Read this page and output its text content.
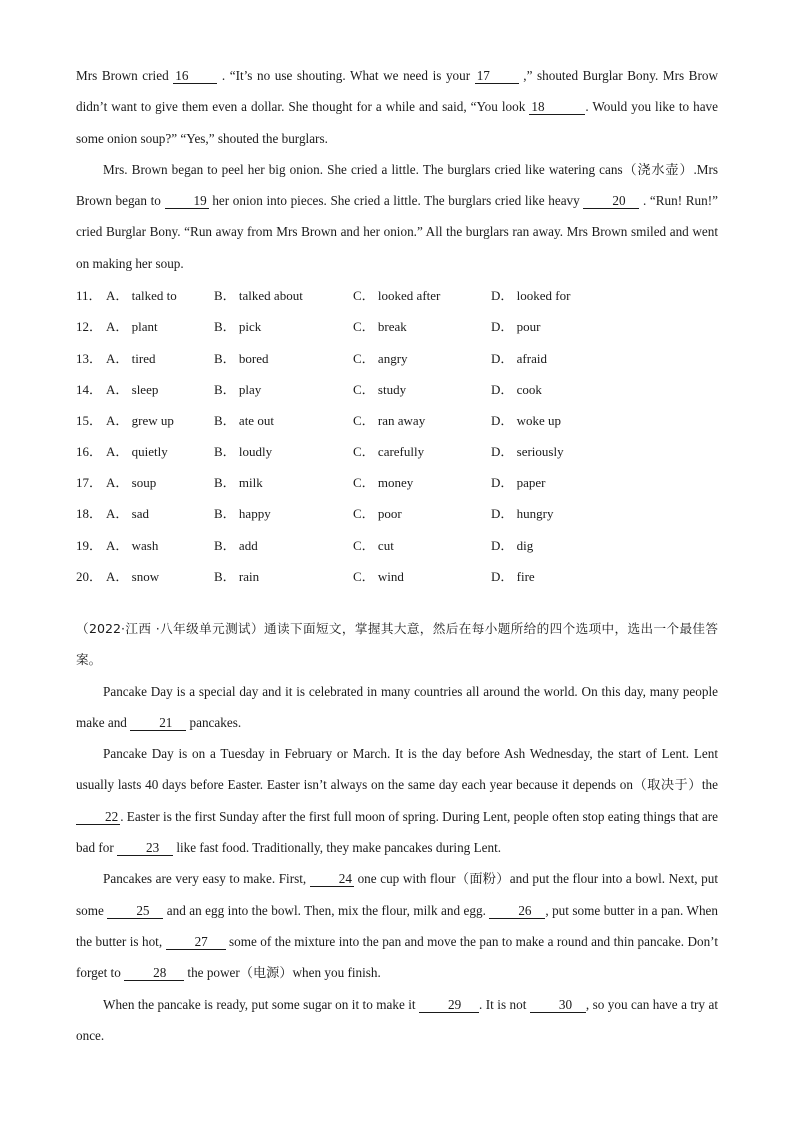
Mrs Brown cried 16 . “It’s no use shouting. What we need is your 17 ,” shouted Burglar Bony. Mrs Brow didn’t want to give them even a dollar. She thought for a while and said, “You look 18	. Would you like to have some onion soup?” “Yes,” shouted the burglars.

Mrs. Brown began to peel her big onion. She cried a little. The burglars cried like watering cans（浇水壶）.Mrs Brown began to 19 her onion into pieces. She cried a little. The burglars cried like heavy 20 . “Run! Run!” cried Burglar Bony. “Run away from Mrs Brown and her onion.” All the burglars ran away. Mrs Brown smiled and went on making her soup.

11． A． talked to	B． talked about	C． looked after	D． looked for
12． A． plant	B． pick	C． break	D． pour
13． A． tired	B． bored	C． angry	D． afraid
14． A． sleep	B． play	C． study	D． cook
15． A． grew up	B． ate out	C． ran away	D． woke up
16． A． quietly	B． loudly	C． carefully	D． seriously
17． A． soup	B． milk	C． money	D． paper
18． A． sad	B． happy	C． poor	D． hungry
19． A． wash	B． add	C． cut	D． dig
20． A． snow	B． rain	C． wind	D． fire

（2022·江西 ·八年级单元测试）通读下面短文，掌握其大意，然后在每小题所给的四个选项中，选出一个最佳答案。

Pancake Day is a special day and it is celebrated in many countries all around the world. On this day, many people make and 21 pancakes.

Pancake Day is on a Tuesday in February or March. It is the day before Ash Wednesday, the start of Lent. Lent usually lasts 40 days before Easter. Easter isn’t always on the same day each year because it depends on（取决于）the 22 . Easter is the first Sunday after the first full moon of spring. During Lent, people often stop eating things that are bad for 23 like fast food. Traditionally, they make pancakes during Lent.

Pancakes are very easy to make. First, 24 one cup with flour（面粉）and put the flour into a bowl. Next, put some 25 and an egg into the bowl. Then, mix the flour, milk and egg. 26 , put some butter in a pan. When the butter is hot, 27 some of the mixture into the pan and move the pan to make a round and thin pancake. Don’t forget to 28 the power（电源）when you finish.

When the pancake is ready, put some sugar on it to make it 29 . It is not 30 , so you can have a try at once.
